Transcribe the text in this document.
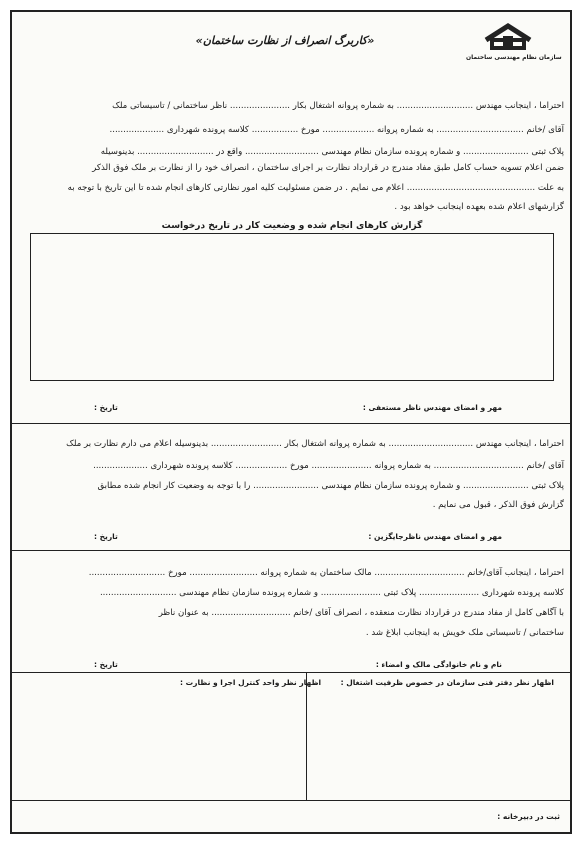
«کاربرگ انصراف از نظارت ساختمان»
سازمان نظام مهندسی ساختمان
احتراما ، اینجانب مهندس ............................ به شماره پروانه اشتغال بکار ...................... ناظر ساختمانی / تاسیساتی ملک
آقای /خانم ................................ به شماره پروانه ................... مورخ ................. کلاسه پرونده شهرداری ....................
پلاک ثبتی ........................ و شماره پرونده سازمان نظام مهندسی ........................... واقع در ............................ بدینوسیله
ضمن اعلام تسویه حساب کامل طبق مفاد مندرج در قرارداد نظارت بر اجرای ساختمان ، انصراف خود را از نظارت بر ملک فوق الذکر
به علت ............................................... اعلام می نمایم . در ضمن مسئولیت کلیه امور نظارتی کارهای انجام شده تا این تاریخ با توجه به
گزارشهای اعلام شده بعهده اینجانب خواهد بود .
گزارش کارهای انجام شده و وضعیت کار در تاریخ درخواست
مهر و امضای مهندس ناظر مستعفی :
تاریخ :
احتراما ، اینجانب مهندس ............................... به شماره پروانه اشتغال بکار .......................... بدینوسیله اعلام می دارم نظارت بر ملک
آقای /خانم ................................. به شماره پروانه ...................... مورخ ................... کلاسه پرونده شهرداری ....................
پلاک ثبتی ........................ و شماره پرونده سازمان نظام مهندسی ........................ را با توجه به وضعیت کار انجام شده مطابق
گزارش فوق الذکر ، قبول می نمایم .
مهر و امضای مهندس ناظرجایگزین :
تاریخ :
احتراما ، اینجانب آقای/خانم ................................. مالک ساختمان به شماره پروانه ......................... مورخ ............................
کلاسه پرونده شهرداری ...................... پلاک ثبتی ...................... و شماره پرونده سازمان نظام مهندسی ............................
با آگاهی کامل از مفاد مندرج در قرارداد نظارت منعقده ، انصراف آقای /خانم ............................. به عنوان ناظر
ساختمانی / تاسیساتی ملک خویش به اینجانب ابلاغ شد .
نام و نام خانوادگی مالک و امضاء :
تاریخ :
اظهار نظر واحد کنترل اجرا و نظارت :	اظهار نظر دفتر فنی سازمان در خصوص ظرفیت اشتغال :
ثبت در دبیرخانه :
